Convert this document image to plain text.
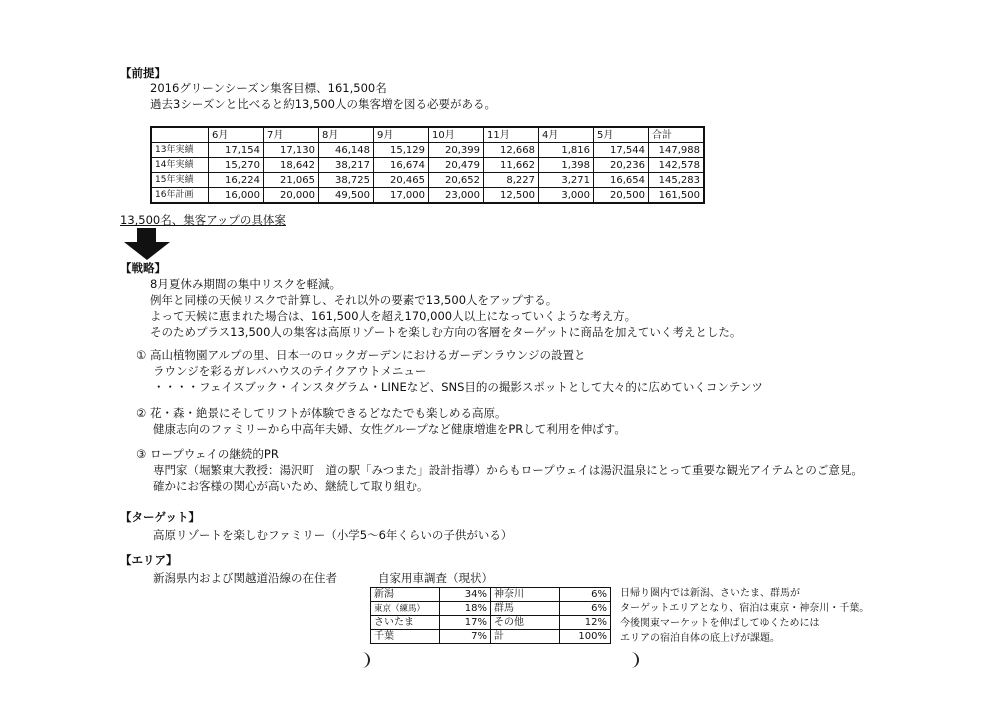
【前提】
2016グリーンシーズン集客目標、161,500名
過去3シーズンと比べると約13,500人の集客増を図る必要がある。
	6月	7月	8月	9月	10月	11月	4月	5月	合計
13年実績	17,154	17,130	46,148	15,129	20,399	12,668	1,816	17,544	147,988
14年実績	15,270	18,642	38,217	16,674	20,479	11,662	1,398	20,236	142,578
15年実績	16,224	21,065	38,725	20,465	20,652	8,227	3,271	16,654	145,283
16年計画	16,000	20,000	49,500	17,000	23,000	12,500	3,000	20,500	161,500
13,500名、集客アップの具体案
【戦略】
8月夏休み期間の集中リスクを軽減。
例年と同様の天候リスクで計算し、それ以外の要素で13,500人をアップする。
よって天候に恵まれた場合は、161,500人を超え170,000人以上になっていくような考え方。
そのためプラス13,500人の集客は高原リゾートを楽しむ方向の客層をターゲットに商品を加えていく考えとした。
① 高山植物園アルプの里、日本一のロックガーデンにおけるガーデンラウンジの設置と
ラウンジを彩るガレバハウスのテイクアウトメニュー
・・・・フェイスブック・インスタグラム・LINEなど、SNS目的の撮影スポットとして大々的に広めていくコンテンツ
② 花・森・絶景にそしてリフトが体験できるどなたでも楽しめる高原。
健康志向のファミリーから中高年夫婦、女性グループなど健康増進をPRして利用を伸ばす。
③ ロープウェイの継続的PR
専門家（堀繁東大教授：湯沢町　道の駅「みつまた」設計指導）からもロープウェイは湯沢温泉にとって重要な観光アイテムとのご意見。
確かにお客様の関心が高いため、継続して取り組む。
【ターゲット】
高原リゾートを楽しむファミリー（小学5～6年くらいの子供がいる）
【エリア】
新潟県内および関越道沿線の在住者	自家用車調査（現状）
新潟	34%	神奈川	6%
東京（練馬）	18%	群馬	6%
さいたま	17%	その他	12%
千葉	7%	計	100%
日帰り圏内では新潟、さいたま、群馬が
ターゲットエリアとなり、宿泊は東京・神奈川・千葉。
今後関東マーケットを伸ばしてゆくためには
エリアの宿泊自体の底上げが課題。
